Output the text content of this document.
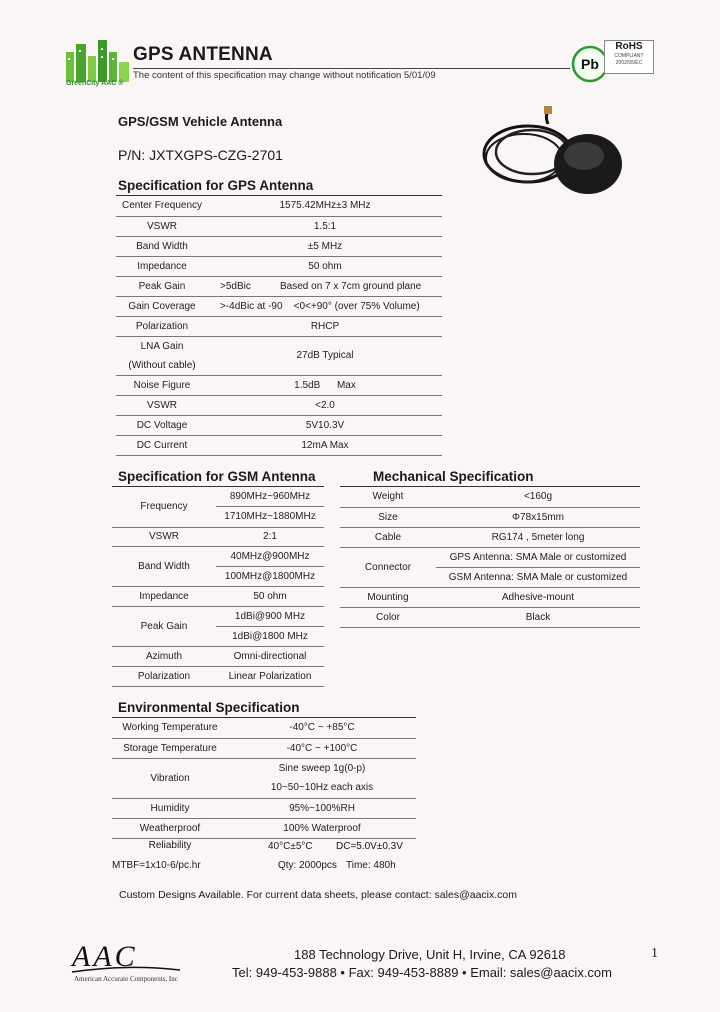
GreenCity AAC ®
GPS ANTENNA
The content of this specification may change without notification 5/01/09
Pb
RoHS
COMPLIANT
2002/95/EC
GPS/GSM Vehicle Antenna
P/N: JXTXGPS-CZG-2701
Specification for GPS Antenna
Center Frequency	1575.42MHz±3 MHz
VSWR	1.5:1
Band Width	±5 MHz
Impedance	50 ohm
Peak Gain	>5dBic Based on 7 x 7cm ground plane
Gain Coverage	>-4dBic at -90    <0<+90° (over 75% Volume)
Polarization	RHCP

LNA Gain
(Without cable)	27dB Typical
Noise Figure	1.5dB      Max
VSWR	<2.0
DC Voltage	5V10.3V
DC Current	12mA Max
Specification for GSM Antenna
Frequency	890MHz~960MHz
1710MHz~1880MHz

VSWR	2:1
Band Width	40MHz@900MHz
100MHz@1800MHz

Impedance	50 ohm
Peak Gain	1dBi@900 MHz
1dBi@1800 MHz

Azimuth	Omni-directional
Polarization	Linear Polarization
Mechanical Specification
Weight	<160g
Size	Φ78x15mm
Cable	RG174 , 5meter long
Connector	GPS Antenna: SMA Male or customized
GSM Antenna: SMA Male or customized

Mounting	Adhesive-mount
Color	Black
Environmental Specification
Working Temperature	-40°C ~ +85°C
Storage Temperature	-40°C ~ +100°C
Vibration	Sine sweep 1g(0-p)
10~50~10Hz each axis

Humidity	95%~100%RH
Weatherproof	100% Waterproof
Reliability	40°C±5°C DC=5.0V±0.3V
MTBF=1x10-6/pc.hr	Qty: 2000pcs Time: 480h
Custom Designs Available. For current data sheets, please contact: sales@aacix.com
AAC
American Accurate Components, Inc
188 Technology Drive, Unit H, Irvine, CA 92618
Tel: 949-453-9888 • Fax: 949-453-8889 • Email: sales@aacix.com
1
